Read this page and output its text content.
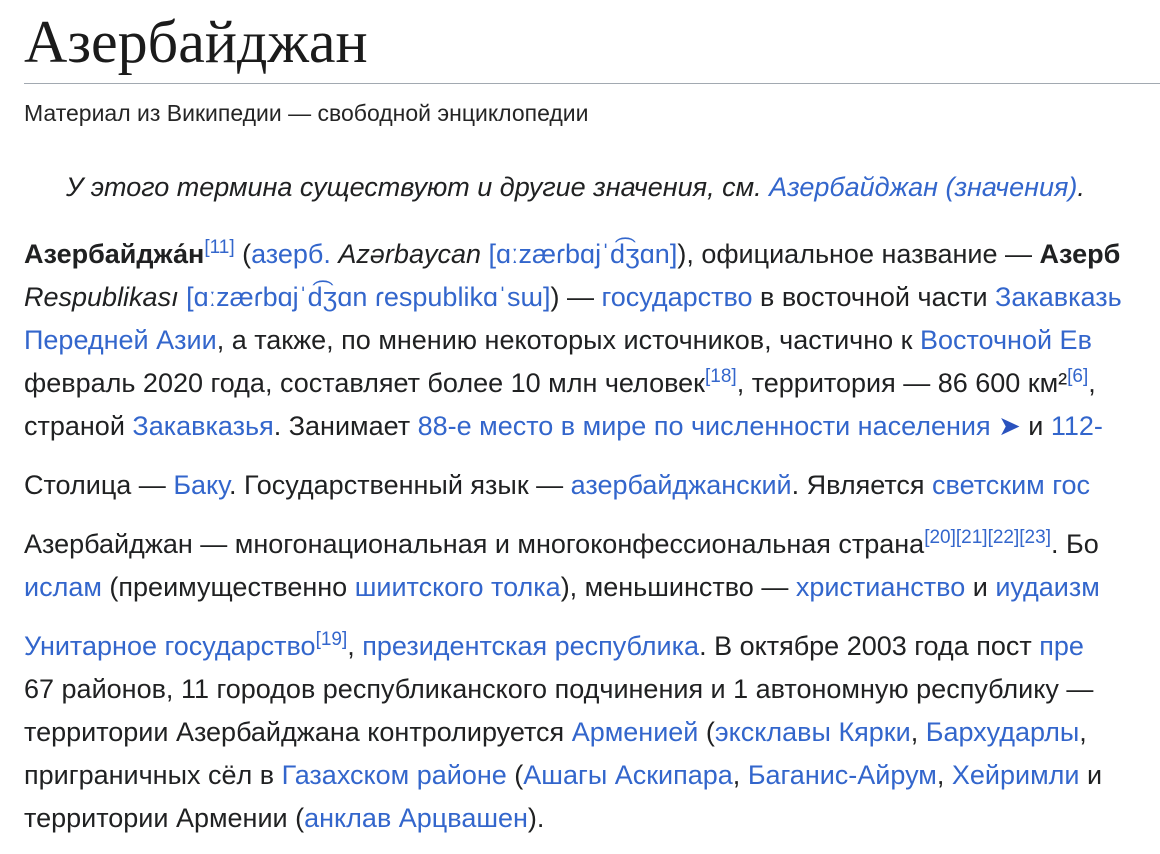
Азербайджан
Материал из Википедии — свободной энциклопедии
У этого термина существуют и другие значения, см. Азербайджан (значения).
Азербайджа́н[11] (азерб. Azərbaycan [ɑːzæɾbɑjˈd͡ʒɑn]), официальное название — Азерб
Respublikası [ɑːzæɾbɑjˈd͡ʒɑn ɾespublikɑˈsɯ]) — государство в восточной части Закавказь
Передней Азии, а также, по мнению некоторых источников, частично к Восточной Ев
февраль 2020 года, составляет более 10 млн человек[18], территория — 86 600 км²[6],
страной Закавказья. Занимает 88-е место в мире по численности населения ➤ и 112-
Столица — Баку. Государственный язык — азербайджанский. Является светским гос
Азербайджан — многонациональная и многоконфессиональная страна[20][21][22][23]. Бо
ислам (преимущественно шиитского толка), меньшинство — христианство и иудаизм
Унитарное государство[19], президентская республика. В октябре 2003 года пост пре
67 районов, 11 городов республиканского подчинения и 1 автономную республику —
территории Азербайджана контролируется Арменией (эксклавы Кярки, Бархударлы,
приграничных сёл в Газахском районе (Ашагы Аскипара, Баганис-Айрум, Хейримли и
территории Армении (анклав Арцвашен).
